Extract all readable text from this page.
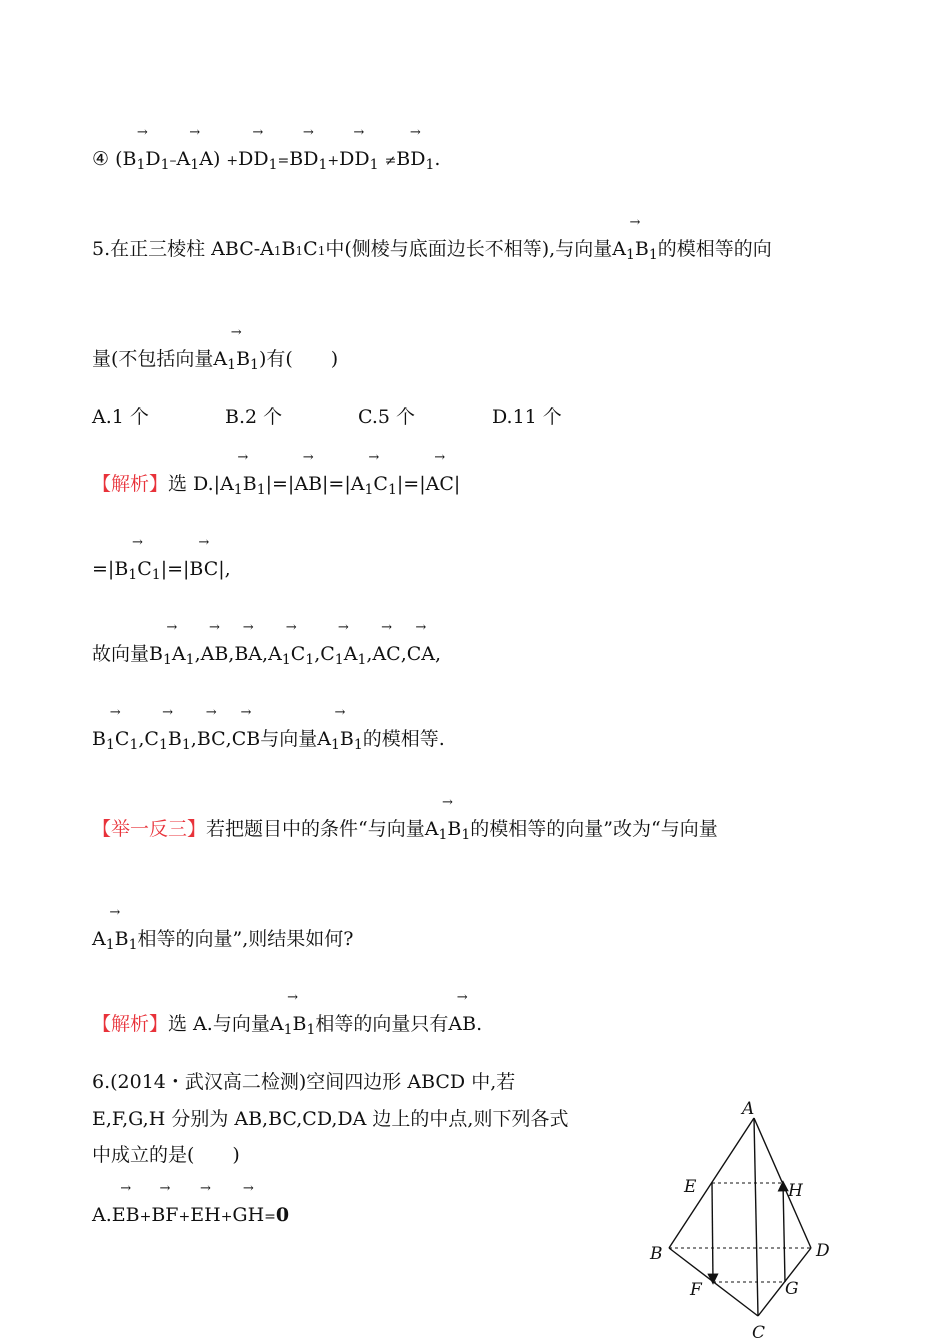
④ → $(B_1D_1-\to A_1A) +\to DD_1=\to BD_1+\to DD_1 \ne\to BD_1$.
5.在正三棱柱 ABC-A1B1C1中(侧棱与底面边长不相等),与向量→ $A_1B_1$的模相等的向
量(不包括向量→ $A_1B_1$)有(　　)
A.1 个	B.2 个	C.5 个	D.11 个
【解析】选 $D.|\to A_1B_1|=|\to AB|=|\to A_1C_1|=|\to AC|$
=|→ $B_1C_1|=|\to BC|$,
故向量→ $B_1A_1,\to AB,\to BA,\to A_1C_1,\to C_1A_1,\to AC,\to$ CA,
→ $B_1C_1,\to C_1B_1,\to BC,\to$ CB与向量→ $A_1B_1$的模相等.
【举一反三】若把题目中的条件“与向量→ $A_1B_1$的模相等的向量”改为“与向量
→ $A_1B_1$相等的向量”,则结果如何?
【解析】选 A.与向量→ $A_1B_1$相等的向量只有→ AB.
6.(2014・武汉高二检测)空间四边形 ABCD 中,若
E,F,G,H 分别为 AB,BC,CD,DA 边上的中点,则下列各式
中成立的是(　　)
A.→ EB+→ BF+→ EH+→ GH=0
A
B
C
D
E
F	G
H
